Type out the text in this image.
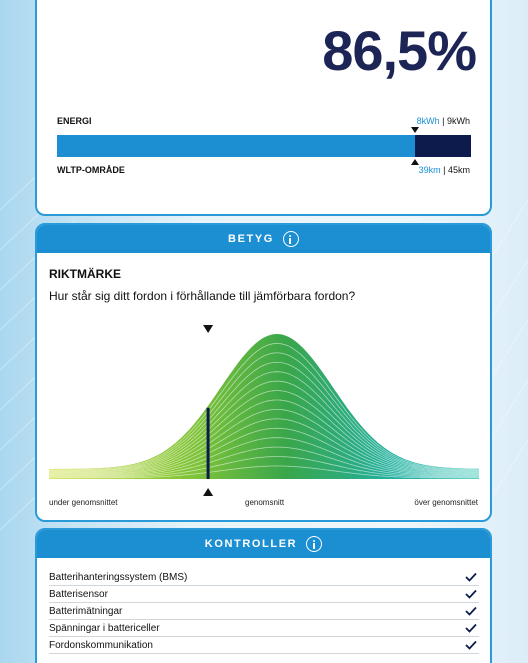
86,5%
ENERGI	8kWh | 9kWh
WLTP-OMRÅDE	39km | 45km
BETYG
RIKTMÄRKE
Hur står sig ditt fordon i förhållande till jämförbara fordon?
under genomsnittet	genomsnitt	över genomsnittet
KONTROLLER
Batterihanteringssystem (BMS)
Batterisensor
Batterimätningar
Spänningar i battericeller
Fordonskommunikation
